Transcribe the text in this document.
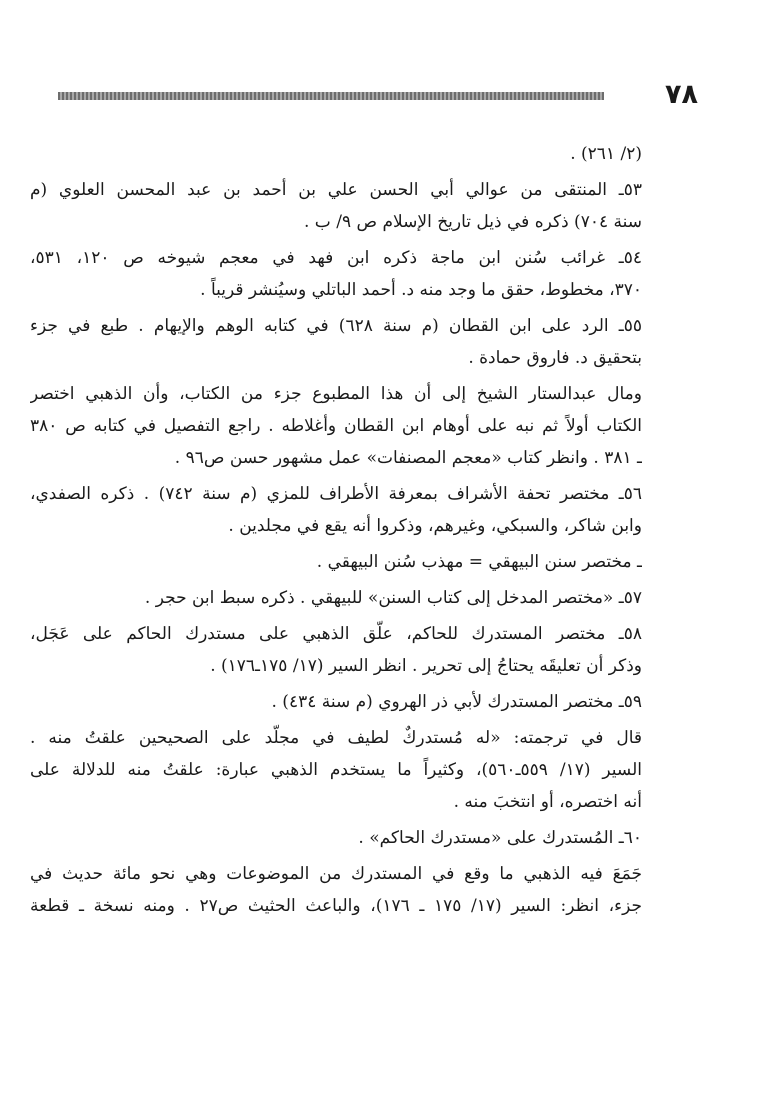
٧٨
(٢/ ٢٦١) .
٥٣ـ المنتقى من عوالي أبي الحسن علي بن أحمد بن عبد المحسن العلوي (م
سنة ٧٠٤) ذكره في ذيل تاريخ الإسلام ص ٩/ ب .
٥٤ـ غرائب سُنن ابن ماجة ذكره ابن فهد في معجم شيوخه ص ١٢٠، ٥٣١،
٣٧٠، مخطوط، حقق ما وجد منه د. أحمد الباتلي وسيُنشر قريباً .
٥٥ـ الرد على ابن القطان (م سنة ٦٢٨) في كتابه الوهم والإيهام . طبع في جزء
بتحقيق د. فاروق حمادة .
ومال عبدالستار الشيخ إلى أن هذا المطبوع جزء من الكتاب، وأن الذهبي اختصر
الكتاب أولاً ثم نبه على أوهام ابن القطان وأغلاطه . راجع التفصيل في كتابه ص ٣٨٠
ـ ٣٨١ . وانظر كتاب «معجم المصنفات» عمل مشهور حسن ص٩٦ .
٥٦ـ مختصر تحفة الأشراف بمعرفة الأطراف للمزي (م سنة ٧٤٢) . ذكره الصفدي،
وابن شاكر، والسبكي، وغيرهم، وذكروا أنه يقع في مجلدين .
ـ مختصر سنن البيهقي = مهذب سُنن البيهقي .
٥٧ـ «مختصر المدخل إلى كتاب السنن» للبيهقي . ذكره سبط ابن حجر .
٥٨ـ مختصر المستدرك للحاكم، علّق الذهبي على مستدرك الحاكم على عَجَل،
وذكر أن تعليقَه يحتاجُ إلى تحرير . انظر السير (١٧/ ١٧٥ـ١٧٦) .
٥٩ـ مختصر المستدرك لأبي ذر الهروي (م سنة ٤٣٤) .
قال في ترجمته: «له مُستدركٌ لطيف في مجلّد على الصحيحين علقتُ منه .
السير (١٧/ ٥٥٩ـ٥٦٠)، وكثيراً ما يستخدم الذهبي عبارة: علقتُ منه للدلالة على
أنه اختصره، أو انتخبَ منه .
٦٠ـ المُستدرك على «مستدرك الحاكم» .
جَمَعَ فيه الذهبي ما وقع في المستدرك من الموضوعات وهي نحو مائة حديث في
جزء، انظر: السير (١٧/ ١٧٥ ـ ١٧٦)، والباعث الحثيث ص٢٧ . ومنه نسخة ـ قطعة
